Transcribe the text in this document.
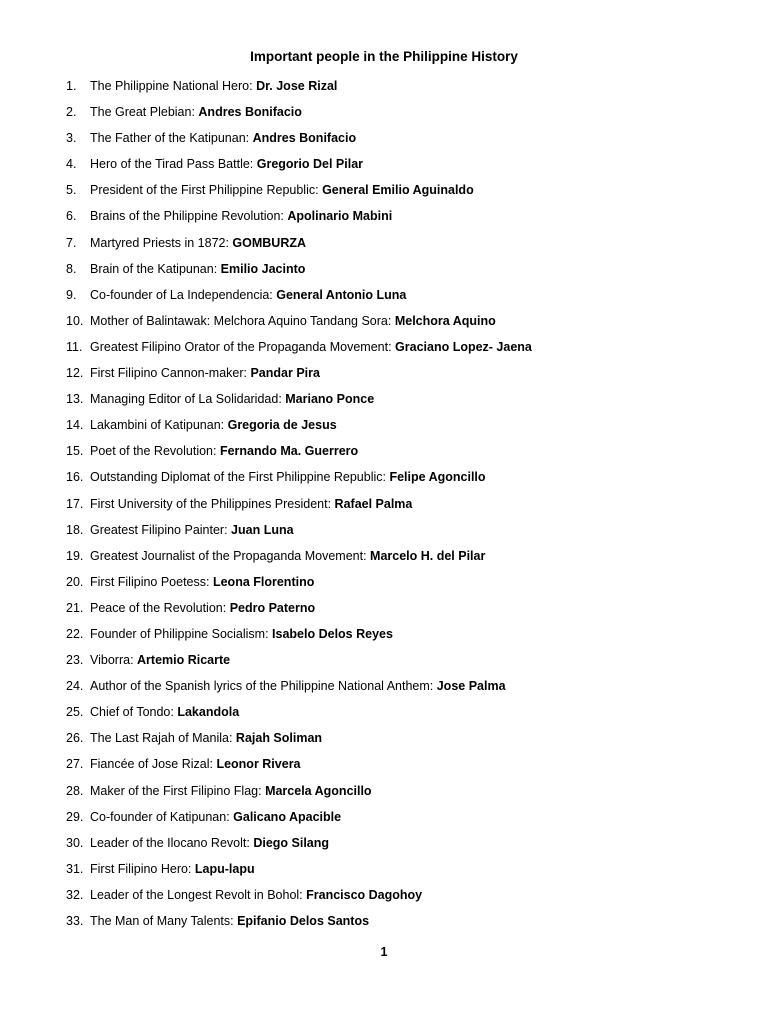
Important people in the Philippine History
1.	The Philippine National Hero: Dr. Jose Rizal
2.	The Great Plebian: Andres Bonifacio
3.	The Father of the Katipunan: Andres Bonifacio
4.	Hero of the Tirad Pass Battle: Gregorio Del Pilar
5.	President of the First Philippine Republic: General Emilio Aguinaldo
6.	Brains of the Philippine Revolution: Apolinario Mabini
7.	Martyred Priests in 1872: GOMBURZA
8.	Brain of the Katipunan: Emilio Jacinto
9.	Co-founder of La Independencia: General Antonio Luna
10. Mother of Balintawak: Melchora Aquino Tandang Sora: Melchora Aquino
11. Greatest Filipino Orator of the Propaganda Movement: Graciano Lopez- Jaena
12. First Filipino Cannon-maker: Pandar Pira
13. Managing Editor of La Solidaridad: Mariano Ponce
14. Lakambini of Katipunan: Gregoria de Jesus
15. Poet of the Revolution: Fernando Ma. Guerrero
16. Outstanding Diplomat of the First Philippine Republic: Felipe Agoncillo
17. First University of the Philippines President: Rafael Palma
18. Greatest Filipino Painter: Juan Luna
19. Greatest Journalist of the Propaganda Movement: Marcelo H. del Pilar
20. First Filipino Poetess: Leona Florentino
21. Peace of the Revolution: Pedro Paterno
22. Founder of Philippine Socialism: Isabelo Delos Reyes
23. Viborra: Artemio Ricarte
24. Author of the Spanish lyrics of the Philippine National Anthem: Jose Palma
25. Chief of Tondo: Lakandola
26. The Last Rajah of Manila: Rajah Soliman
27. Fiancée of Jose Rizal: Leonor Rivera
28. Maker of the First Filipino Flag: Marcela Agoncillo
29. Co-founder of Katipunan: Galicano Apacible
30. Leader of the Ilocano Revolt: Diego Silang
31. First Filipino Hero: Lapu-lapu
32. Leader of the Longest Revolt in Bohol: Francisco Dagohoy
33. The Man of Many Talents: Epifanio Delos Santos
1
